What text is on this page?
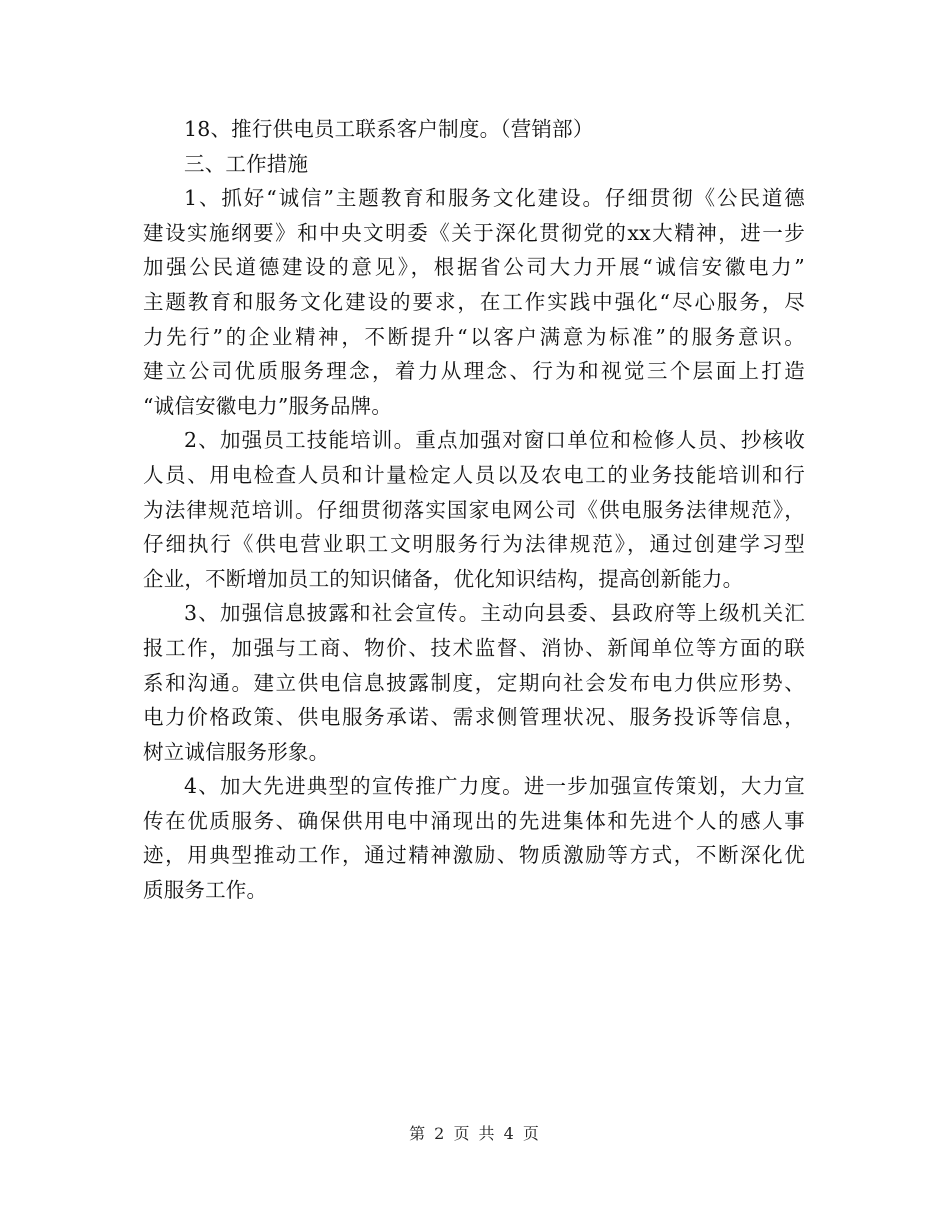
18、推行供电员工联系客户制度。（营销部）
三、工作措施
1、抓好“诚信”主题教育和服务文化建设。仔细贯彻《公民道德
建设实施纲要》和中央文明委《关于深化贯彻党的xx大精神，进一步
加强公民道德建设的意见》，根据省公司大力开展“诚信安徽电力”
主题教育和服务文化建设的要求，在工作实践中强化“尽心服务，尽
力先行”的企业精神，不断提升“以客户满意为标准”的服务意识。
建立公司优质服务理念，着力从理念、行为和视觉三个层面上打造
“诚信安徽电力”服务品牌。
2、加强员工技能培训。重点加强对窗口单位和检修人员、抄核收
人员、用电检查人员和计量检定人员以及农电工的业务技能培训和行
为法律规范培训。仔细贯彻落实国家电网公司《供电服务法律规范》，
仔细执行《供电营业职工文明服务行为法律规范》，通过创建学习型
企业，不断增加员工的知识储备，优化知识结构，提高创新能力。
3、加强信息披露和社会宣传。主动向县委、县政府等上级机关汇
报工作，加强与工商、物价、技术监督、消协、新闻单位等方面的联
系和沟通。建立供电信息披露制度，定期向社会发布电力供应形势、
电力价格政策、供电服务承诺、需求侧管理状况、服务投诉等信息，
树立诚信服务形象。
4、加大先进典型的宣传推广力度。进一步加强宣传策划，大力宣
传在优质服务、确保供用电中涌现出的先进集体和先进个人的感人事
迹，用典型推动工作，通过精神激励、物质激励等方式，不断深化优
质服务工作。
第 2 页 共 4 页
